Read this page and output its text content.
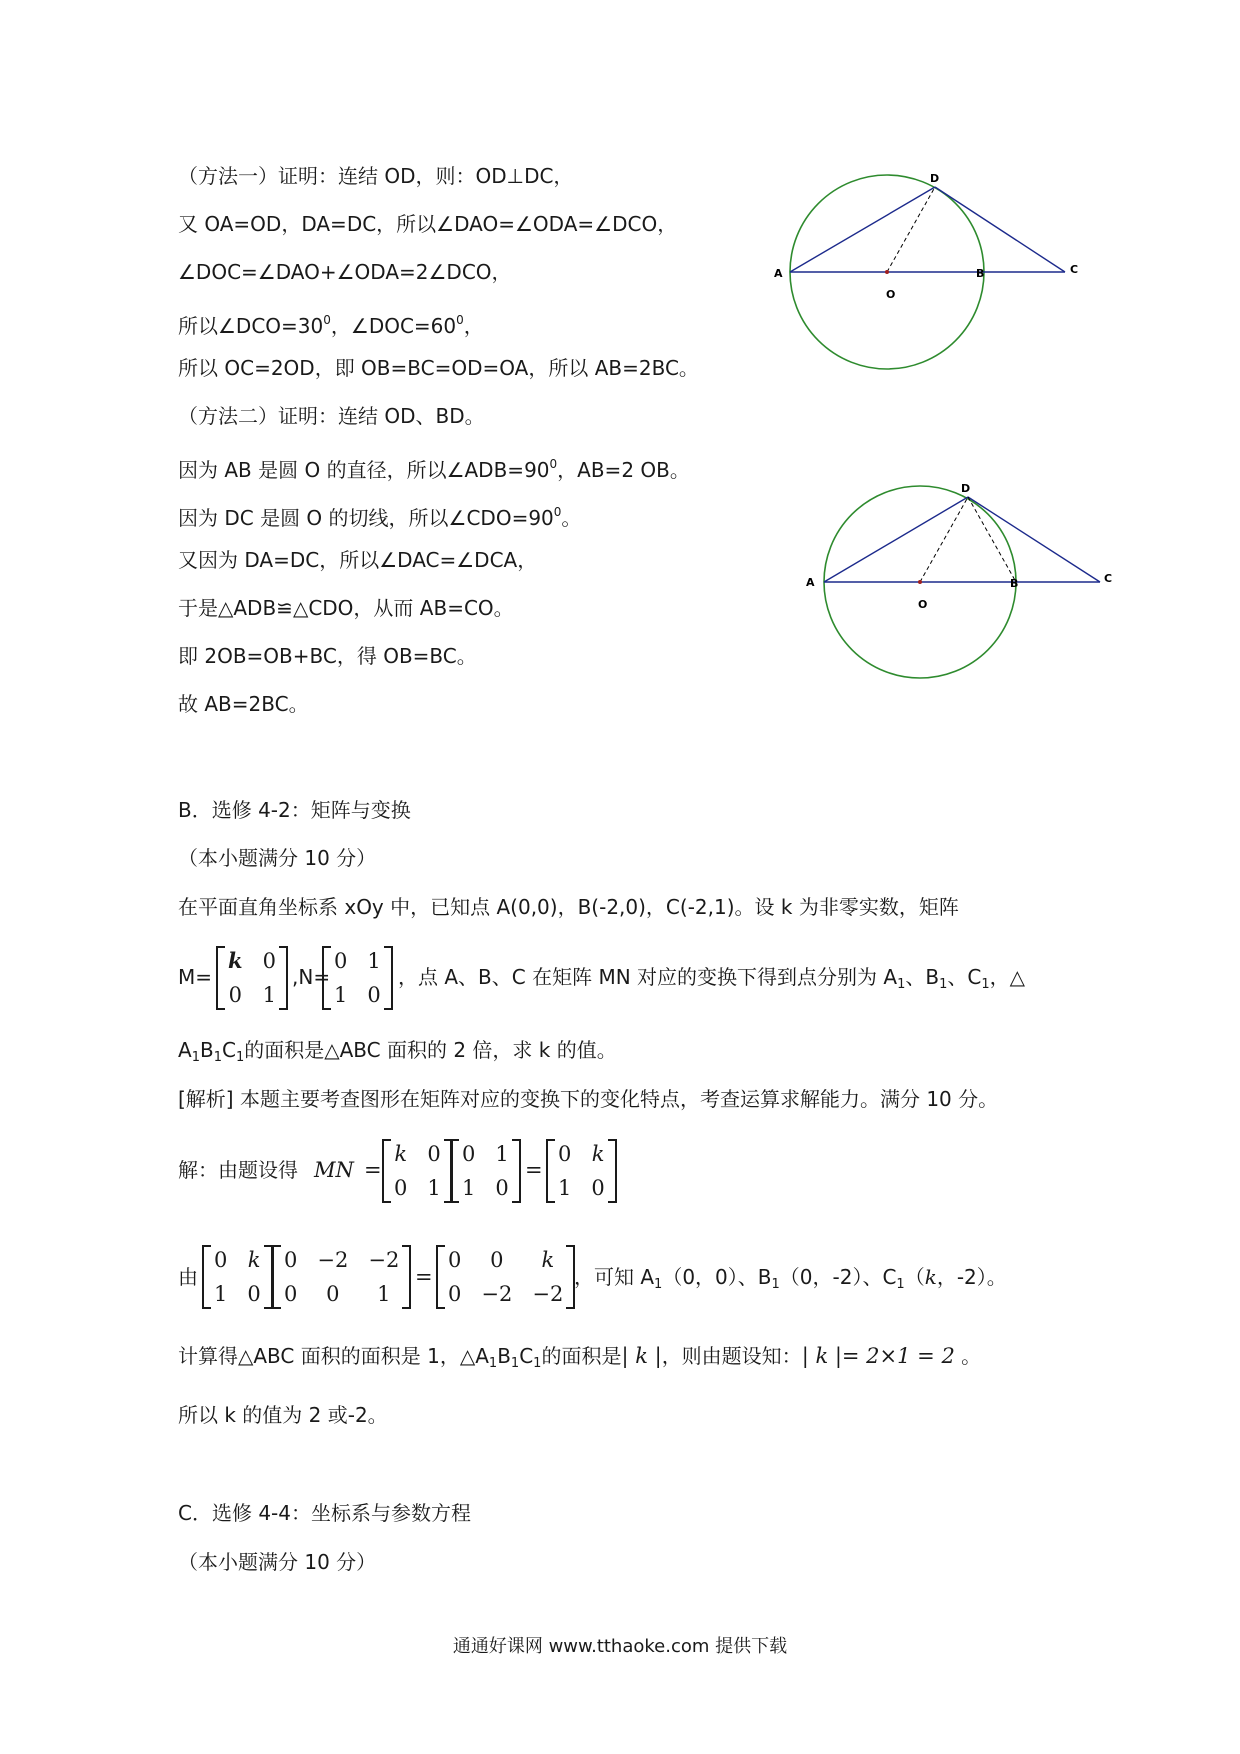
（方法一）证明：连结 OD，则：OD⊥DC，
又 OA=OD，DA=DC，所以∠DAO=∠ODA=∠DCO，
∠DOC=∠DAO+∠ODA=2∠DCO，
所以$\angle DCO=30^0$，$\angle DOC=60^0$，
所以 OC=2OD，即 OB=BC=OD=OA，所以 AB=2BC。
（方法二）证明：连结 OD、BD。
因为 AB 是圆 O 的直径，所以$\angle ADB=90^0$，AB=2 OB。
因为 DC 是圆 O 的切线，所以$\angle CDO=90^0$。
又因为 DA=DC，所以∠DAC=∠DCA，
于是△ADB≌△CDO，从而 AB=CO。
即 2OB=OB+BC，得 OB=BC。
故 AB=2BC。
A
D
B	C
O
A
D
B	C
O
B．选修 4-2：矩阵与变换
（本小题满分 10 分）
在平面直角坐标系 xOy 中，已知点 A(0,0)，B(-2,0)，C(-2,1)。设 k 为非零实数，矩阵
M=
k 0
0 1
,N=
0 1
1 0
，点 A、B、C 在矩阵 MN 对应的变换下得到点分别为 $A_1$、$B_1$、$C_1$，△
$A_1B_1C_1$的面积是△ABC 面积的 2 倍，求 k 的值。
[解析] 本题主要考查图形在矩阵对应的变换下的变化特点，考查运算求解能力。满分 10 分。
解：由题设得 MN =
k 0
0 1
0 1
1 0
=
0 k
1 0
由
0 k
1 0
0 −2 −2
0	0	1
=
0	0	k
0 −2 −2
，可知 $A_1(0$，0）、$B_1(0$，-2）、$C_1(k$，-2）。
计算得△ABC 面积的面积是 1，$\triangle A_1B_1C_1$的面积是| k |，则由题设知：| k |= 2×1 = 2 。
所以 k 的值为 2 或-2。
C．选修 4-4：坐标系与参数方程
（本小题满分 10 分）
通通好课网 www.tthaoke.com 提供下载
